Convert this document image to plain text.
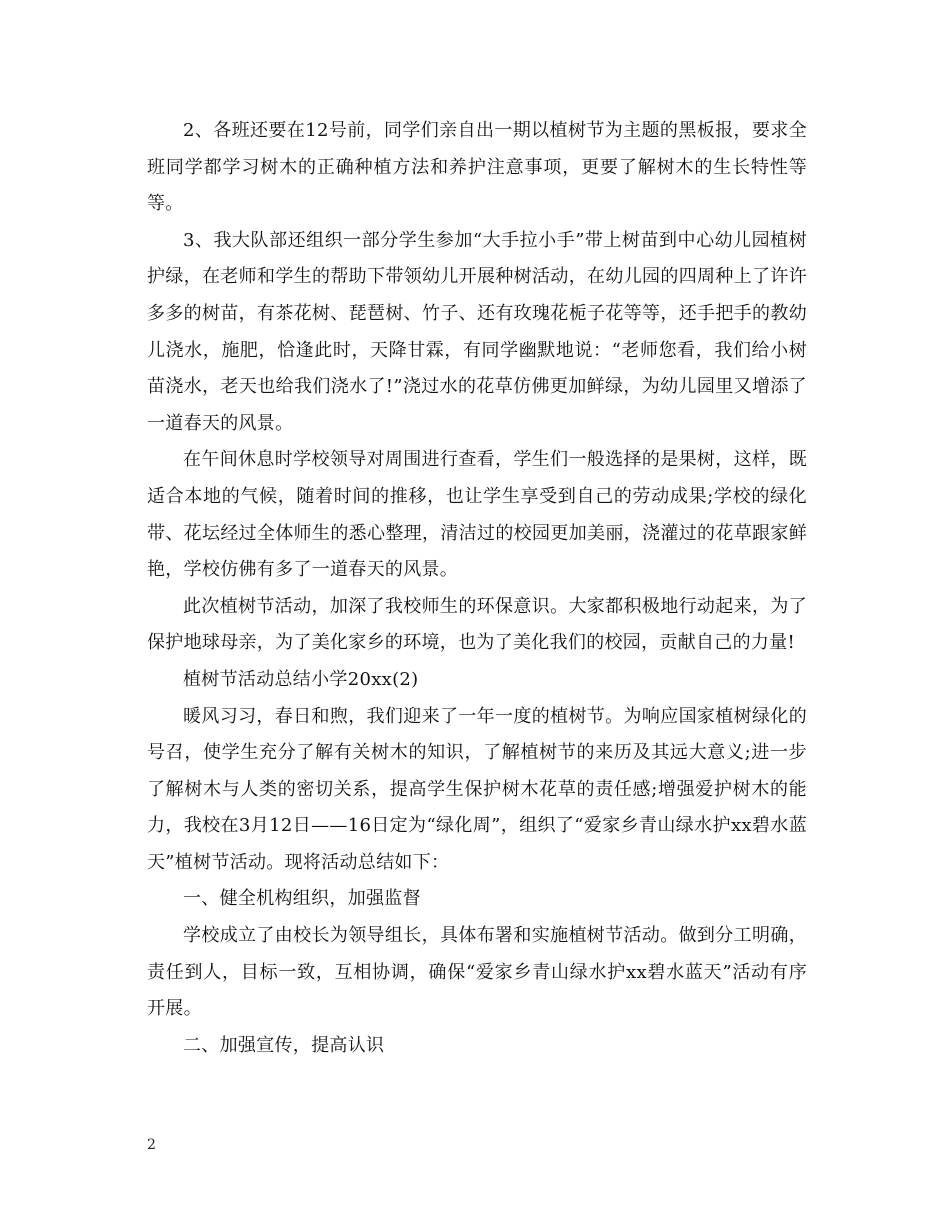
2、各班还要在12号前，同学们亲自出一期以植树节为主题的黑板报，要求全班同学都学习树木的正确种植方法和养护注意事项，更要了解树木的生长特性等等。

3、我大队部还组织一部分学生参加“大手拉小手”带上树苗到中心幼儿园植树护绿，在老师和学生的帮助下带领幼儿开展种树活动，在幼儿园的四周种上了许许多多的树苗，有茶花树、琵琶树、竹子、还有玫瑰花栀子花等等，还手把手的教幼儿浇水，施肥，恰逢此时，天降甘霖，有同学幽默地说：“老师您看，我们给小树苗浇水，老天也给我们浇水了!”浇过水的花草仿佛更加鲜绿，为幼儿园里又增添了一道春天的风景。

在午间休息时学校领导对周围进行查看，学生们一般选择的是果树，这样，既适合本地的气候，随着时间的推移，也让学生享受到自己的劳动成果;学校的绿化带、花坛经过全体师生的悉心整理，清洁过的校园更加美丽，浇灌过的花草跟家鲜艳，学校仿佛有多了一道春天的风景。

此次植树节活动，加深了我校师生的环保意识。大家都积极地行动起来，为了保护地球母亲，为了美化家乡的环境，也为了美化我们的校园，贡献自己的力量!

植树节活动总结小学20xx(2)

暖风习习，春日和煦，我们迎来了一年一度的植树节。为响应国家植树绿化的号召，使学生充分了解有关树木的知识，了解植树节的来历及其远大意义;进一步了解树木与人类的密切关系，提高学生保护树木花草的责任感;增强爱护树木的能力，我校在3月12日——16日定为“绿化周”，组织了“爱家乡青山绿水护xx碧水蓝天”植树节活动。现将活动总结如下：

一、健全机构组织，加强监督

学校成立了由校长为领导组长，具体布署和实施植树节活动。做到分工明确，责任到人，目标一致，互相协调，确保“爱家乡青山绿水护xx碧水蓝天”活动有序开展。

二、加强宣传，提高认识

2
